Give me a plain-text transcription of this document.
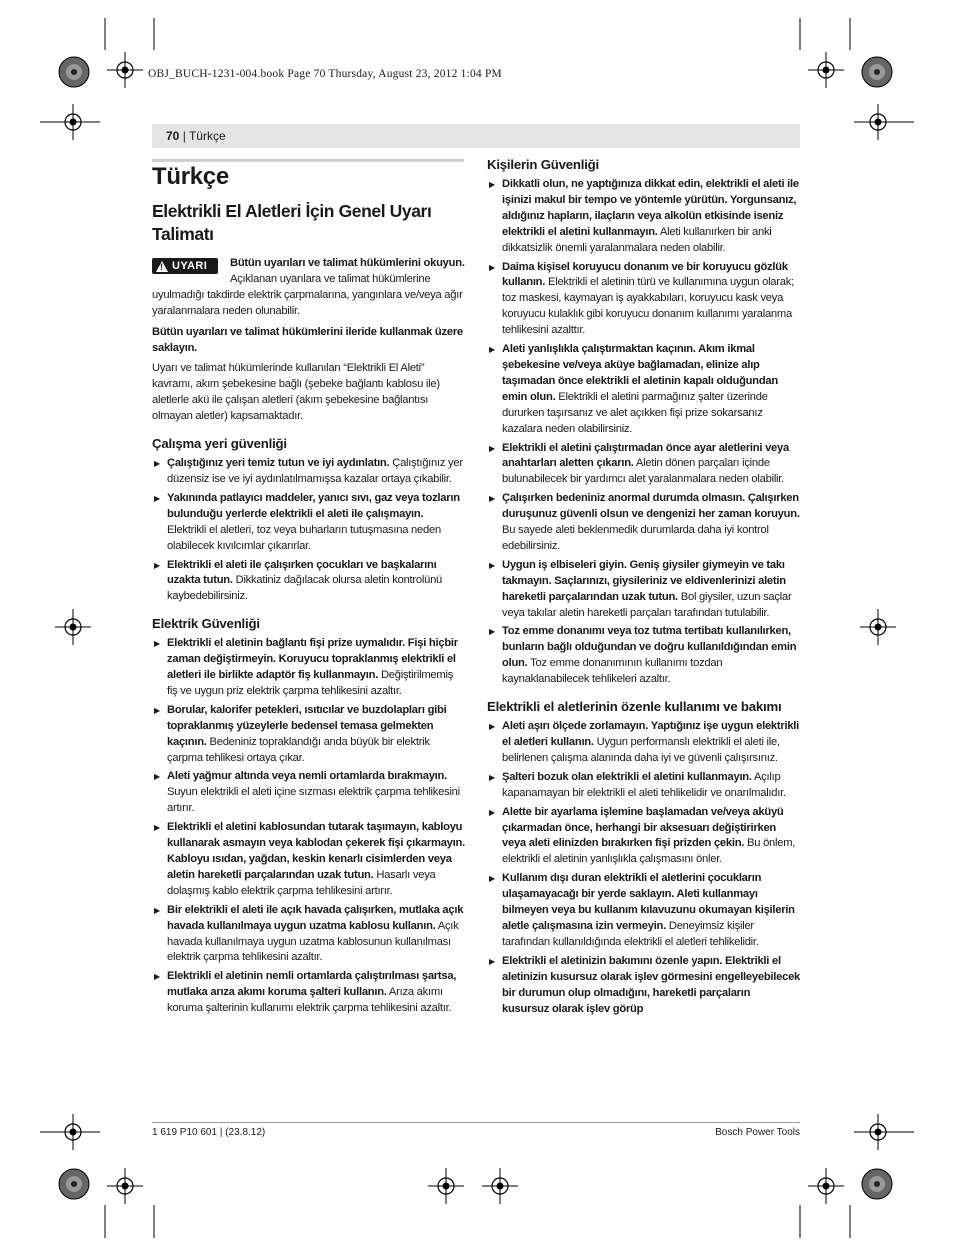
OBJ_BUCH-1231-004.book Page 70 Thursday, August 23, 2012 1:04 PM
70 | Türkçe
Türkçe
Elektrikli El Aletleri İçin Genel Uyarı Talimatı
!
UYARI	Bütün uyarıları ve talimat hükümlerini okuyun. Açıklanan uyarılara ve talimat hükümlerine uyulmadığı takdirde elektrik çarpmalarına, yangınlara ve/veya ağır yaralanmalara neden olunabilir.

Bütün uyarıları ve talimat hükümlerini ileride kullanmak üzere saklayın.

Uyarı ve talimat hükümlerinde kullanılan “Elektrikli El Aleti” kavramı, akım şebekesine bağlı (şebeke bağlantı kablosu ile) aletlerle akü ile çalışan aletleri (akım şebekesine bağlantısı olmayan aletler) kapsamaktadır.

Çalışma yeri güvenliği
▶ Çalıştığınız yeri temiz tutun ve iyi aydınlatın. Çalıştığınız yer düzensiz ise ve iyi aydınlatılmamışsa kazalar ortaya çıkabilir.
▶ Yakınında patlayıcı maddeler, yanıcı sıvı, gaz veya tozların bulunduğu yerlerde elektrikli el aleti ile çalışmayın. Elektrikli el aletleri, toz veya buharların tutuşmasına neden olabilecek kıvılcımlar çıkarırlar.
▶ Elektrikli el aleti ile çalışırken çocukları ve başkalarını uzakta tutun. Dikkatiniz dağılacak olursa aletin kontrolünü kaybedebilirsiniz.
Elektrik Güvenliği
▶ Elektrikli el aletinin bağlantı fişi prize uymalıdır. Fişi hiçbir zaman değiştirmeyin. Koruyucu topraklanmış elektrikli el aletleri ile birlikte adaptör fiş kullanmayın. Değiştirilmemiş fiş ve uygun priz elektrik çarpma tehlikesini azaltır.
▶ Borular, kalorifer petekleri, ısıtıcılar ve buzdolapları gibi topraklanmış yüzeylerle bedensel temasa gelmekten kaçının. Bedeniniz topraklandığı anda büyük bir elektrik çarpma tehlikesi ortaya çıkar.
▶ Aleti yağmur altında veya nemli ortamlarda bırakmayın. Suyun elektrikli el aleti içine sızması elektrik çarpma tehlikesini artırır.
▶ Elektrikli el aletini kablosundan tutarak taşımayın, kabloyu kullanarak asmayın veya kablodan çekerek fişi çıkarmayın. Kabloyu ısıdan, yağdan, keskin kenarlı cisimlerden veya aletin hareketli parçalarından uzak tutun. Hasarlı veya dolaşmış kablo elektrik çarpma tehlikesini artırır.
▶ Bir elektrikli el aleti ile açık havada çalışırken, mutlaka açık havada kullanılmaya uygun uzatma kablosu kullanın. Açık havada kullanılmaya uygun uzatma kablosunun kullanılması elektrik çarpma tehlikesini azaltır.
▶ Elektrikli el aletinin nemli ortamlarda çalıştırılması şartsa, mutlaka arıza akımı koruma şalteri kullanın. Arıza akımı koruma şalterinin kullanımı elektrik çarpma tehlikesini azaltır.
Kişilerin Güvenliği
▶ Dikkatli olun, ne yaptığınıza dikkat edin, elektrikli el aleti ile işinizi makul bir tempo ve yöntemle yürütün. Yorgunsanız, aldığınız hapların, ilaçların veya alkolün etkisinde iseniz elektrikli el aletini kullanmayın. Aleti kullanırken bir anki dikkatsizlik önemli yaralanmalara neden olabilir.
▶ Daima kişisel koruyucu donanım ve bir koruyucu gözlük kullanın. Elektrikli el aletinin türü ve kullanımına uygun olarak; toz maskesi, kaymayan iş ayakkabıları, koruyucu kask veya koruyucu kulaklık gibi koruyucu donanım kullanımı yaralanma tehlikesini azalttır.
▶ Aleti yanlışlıkla çalıştırmaktan kaçının. Akım ikmal şebekesine ve/veya aküye bağlamadan, elinize alıp taşımadan önce elektrikli el aletinin kapalı olduğundan emin olun. Elektrikli el aletini parmağınız şalter üzerinde dururken taşırsanız ve alet açıkken fişi prize sokarsanız kazalara neden olabilirsiniz.
▶ Elektrikli el aletini çalıştırmadan önce ayar aletlerini veya anahtarları aletten çıkarın. Aletin dönen parçaları içinde bulunabilecek bir yardımcı alet yaralanmalara neden olabilir.
▶ Çalışırken bedeniniz anormal durumda olmasın. Çalışırken duruşunuz güvenli olsun ve dengenizi her zaman koruyun. Bu sayede aleti beklenmedik durumlarda daha iyi kontrol edebilirsiniz.
▶ Uygun iş elbiseleri giyin. Geniş giysiler giymeyin ve takı takmayın. Saçlarınızı, giysileriniz ve eldivenlerinizi aletin hareketli parçalarından uzak tutun. Bol giysiler, uzun saçlar veya takılar aletin hareketli parçaları tarafından tutulabilir.
▶ Toz emme donanımı veya toz tutma tertibatı kullanılırken, bunların bağlı olduğundan ve doğru kullanıldığından emin olun. Toz emme donanımının kullanımı tozdan kaynaklanabilecek tehlikeleri azaltır.
Elektrikli el aletlerinin özenle kullanımı ve bakımı
▶ Aleti aşırı ölçede zorlamayın. Yaptığınız işe uygun elektrikli el aletleri kullanın. Uygun performanslı elektrikli el aleti ile, belirlenen çalışma alanında daha iyi ve güvenli çalışırsınız.
▶ Şalteri bozuk olan elektrikli el aletini kullanmayın. Açılıp kapanamayan bir elektrikli el aleti tehlikelidir ve onarılmalıdır.
▶ Alette bir ayarlama işlemine başlamadan ve/veya aküyü çıkarmadan önce, herhangi bir aksesuarı değiştirirken veya aleti elinizden bırakırken fişi prizden çekin. Bu önlem, elektrikli el aletinin yanlışlıkla çalışmasını önler.
▶ Kullanım dışı duran elektrikli el aletlerini çocukların ulaşamayacağı bir yerde saklayın. Aleti kullanmayı bilmeyen veya bu kullanım kılavuzunu okumayan kişilerin aletle çalışmasına izin vermeyin. Deneyimsiz kişiler tarafından kullanıldığında elektrikli el aletleri tehlikelidir.
▶ Elektrikli el aletinizin bakımını özenle yapın. Elektrikli el aletinizin kusursuz olarak işlev görmesini engelleyebilecek bir durumun olup olmadığını, hareketli parçaların kusursuz olarak işlev görüp
1 619 P10 601 | (23.8.12)	Bosch Power Tools
